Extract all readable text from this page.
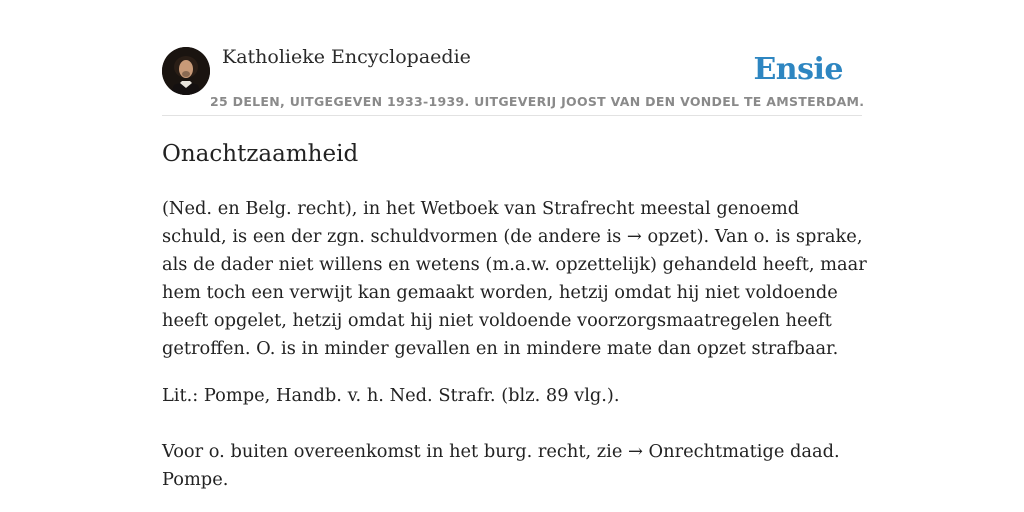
Katholieke Encyclopaedie
25 DELEN, UITGEGEVEN 1933-1939. UITGEVERIJ JOOST VAN DEN VONDEL TE AMSTERDAM.
Ensie
Onachtzaamheid

(Ned. en Belg. recht), in het Wetboek van Strafrecht meestal genoemd schuld, is een der zgn. schuldvormen (de andere is → opzet). Van o. is sprake, als de dader niet willens en wetens (m.a.w. opzettelijk) gehandeld heeft, maar hem toch een verwijt kan gemaakt worden, hetzij omdat hij niet voldoende heeft opgelet, hetzij omdat hij niet voldoende voorzorgsmaatregelen heeft getroffen. O. is in minder gevallen en in mindere mate dan opzet strafbaar.

Lit.: Pompe, Handb. v. h. Ned. Strafr. (blz. 89 vlg.).

Voor o. buiten overeenkomst in het burg. recht, zie → Onrechtmatige daad.

Pompe.
